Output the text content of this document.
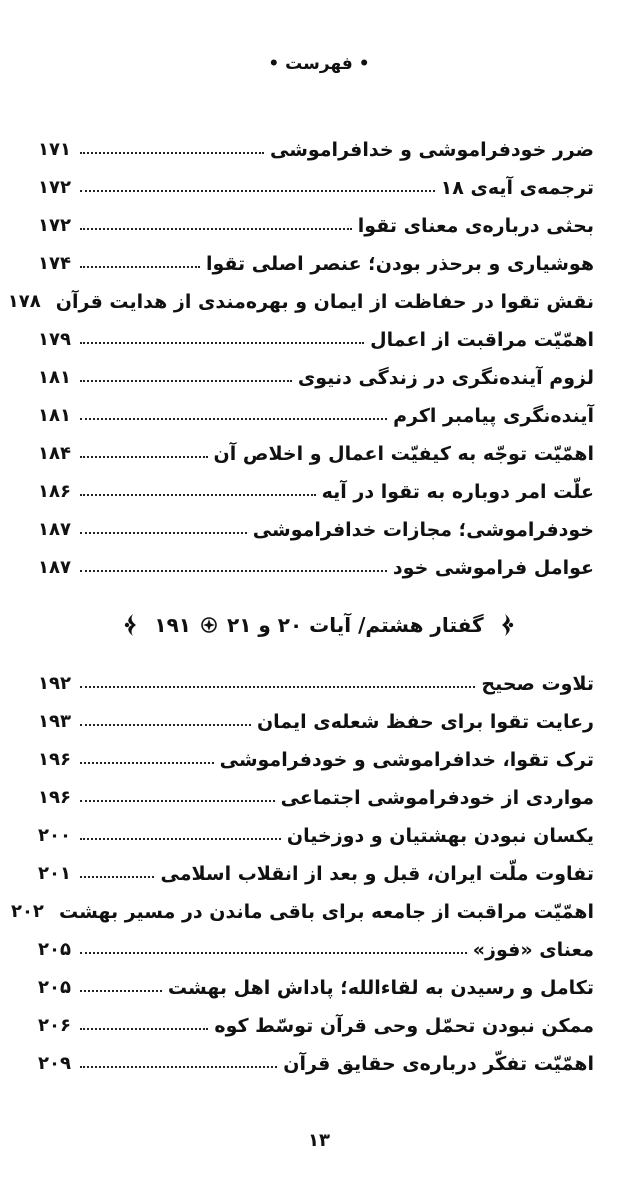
• فهرست •
ضرر خودفراموشی و خدافراموشی
۱۷۱
ترجمه‌ی آیه‌ی ۱۸
۱۷۲
بحثی درباره‌ی معنای تقوا
۱۷۲
هوشیاری و برحذر بودن؛ عنصر اصلی تقوا
۱۷۴
نقش تقوا در حفاظت از ایمان و بهره‌مندی از هدایت قرآن
۱۷۸
اهمّیّت مراقبت از اعمال
۱۷۹
لزوم آینده‌نگری در زندگی دنیوی
۱۸۱
آینده‌نگری پیامبر اکرم
۱۸۱
اهمّیّت توجّه به کیفیّت اعمال و اخلاص آن
۱۸۴
علّت امر دوباره به تقوا در آیه
۱۸۶
خودفراموشی؛ مجازات خدافراموشی
۱۸۷
عوامل فراموشی خود
۱۸۷
گفتار هشتم/ آیات ۲۰ و ۲۱
۱۹۱
تلاوت صحیح
۱۹۲
رعایت تقوا برای حفظ شعله‌ی ایمان
۱۹۳
ترک تقوا، خدافراموشی و خودفراموشی
۱۹۶
مواردی از خودفراموشی اجتماعی
۱۹۶
یکسان نبودن بهشتیان و دوزخیان
۲۰۰
تفاوت ملّت ایران، قبل و بعد از انقلاب اسلامی
۲۰۱
اهمّیّت مراقبت از جامعه برای باقی ماندن در مسیر بهشت
۲۰۲
معنای «فوز»
۲۰۵
تکامل و رسیدن به لقاءالله؛ پاداش اهل بهشت
۲۰۵
ممکن نبودن تحمّل وحی قرآن توسّط کوه
۲۰۶
اهمّیّت تفکّر درباره‌ی حقایق قرآن
۲۰۹
۱۳
